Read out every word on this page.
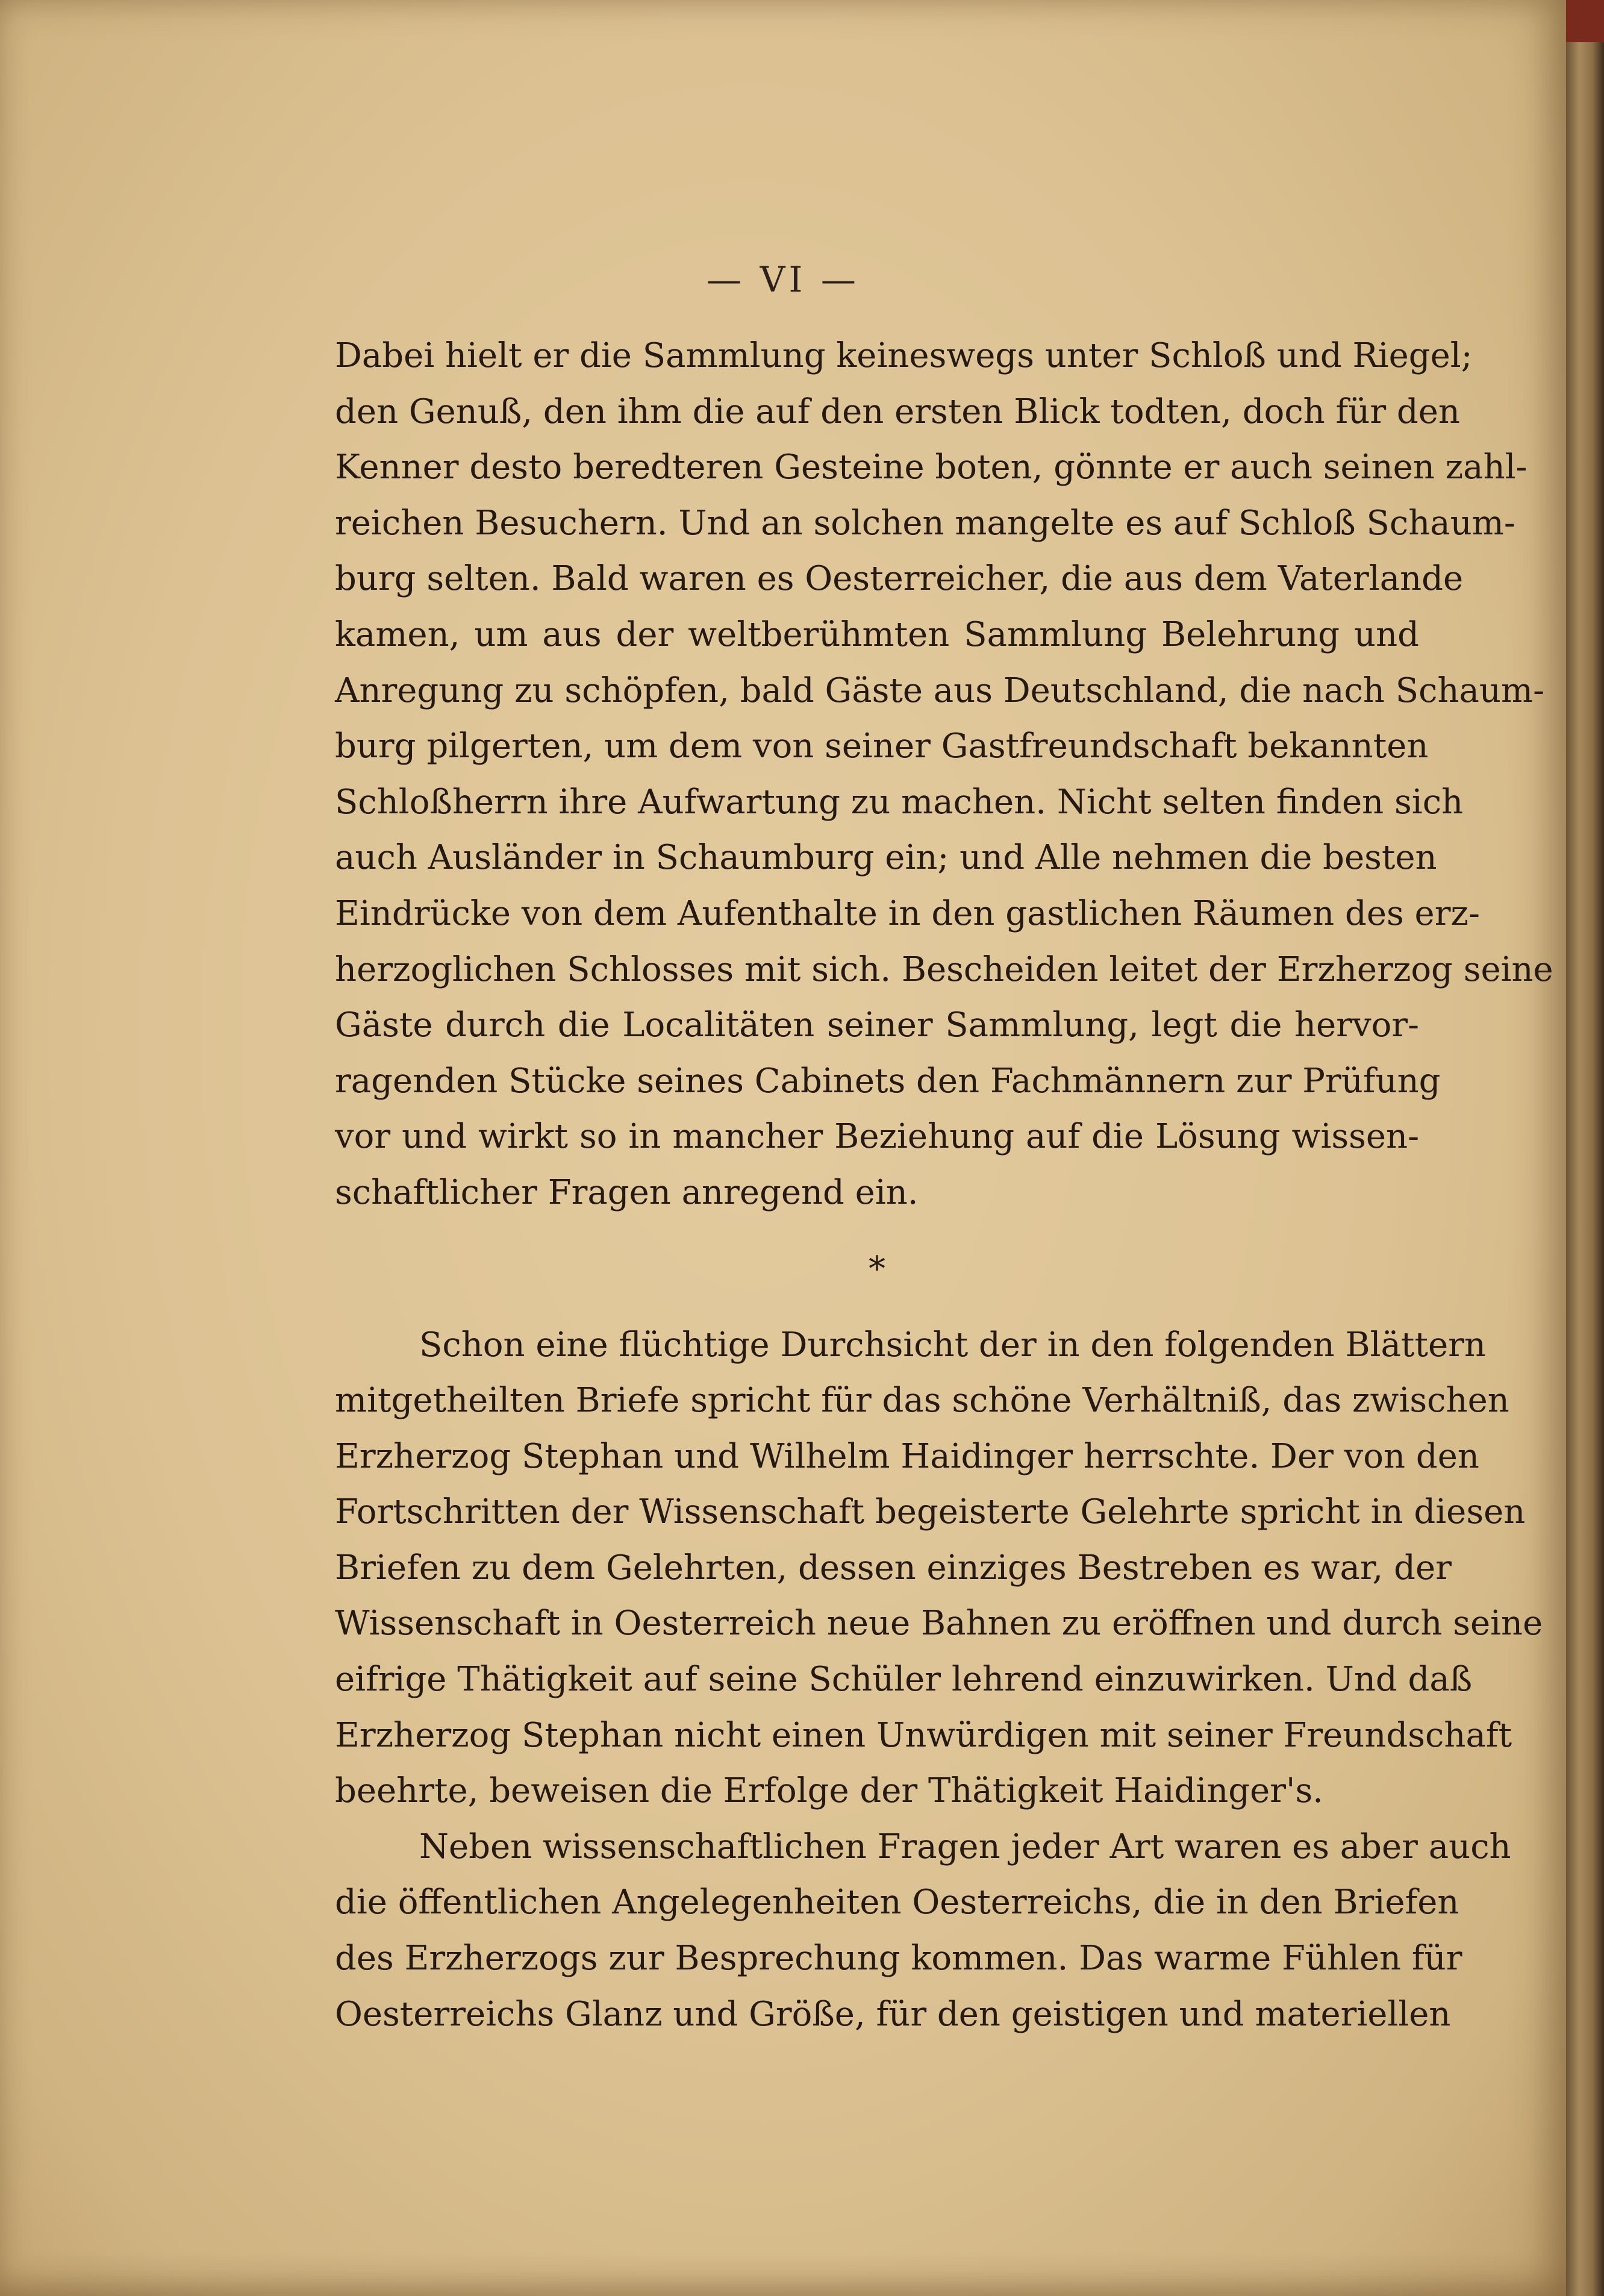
— VI —
Dabei hielt er die Sammlung keineswegs unter Schloß und Riegel;
den Genuß, den ihm die auf den ersten Blick todten, doch für den
Kenner desto beredteren Gesteine boten, gönnte er auch seinen zahl-
reichen Besuchern. Und an solchen mangelte es auf Schloß Schaum-
burg selten. Bald waren es Oesterreicher, die aus dem Vaterlande
kamen, um aus der weltberühmten Sammlung Belehrung und
Anregung zu schöpfen, bald Gäste aus Deutschland, die nach Schaum-
burg pilgerten, um dem von seiner Gastfreundschaft bekannten
Schloßherrn ihre Aufwartung zu machen. Nicht selten finden sich
auch Ausländer in Schaumburg ein; und Alle nehmen die besten
Eindrücke von dem Aufenthalte in den gastlichen Räumen des erz-
herzoglichen Schlosses mit sich. Bescheiden leitet der Erzherzog seine
Gäste durch die Localitäten seiner Sammlung, legt die hervor-
ragenden Stücke seines Cabinets den Fachmännern zur Prüfung
vor und wirkt so in mancher Beziehung auf die Lösung wissen-
schaftlicher Fragen anregend ein.
*
Schon eine flüchtige Durchsicht der in den folgenden Blättern
mitgetheilten Briefe spricht für das schöne Verhältniß, das zwischen
Erzherzog Stephan und Wilhelm Haidinger herrschte. Der von den
Fortschritten der Wissenschaft begeisterte Gelehrte spricht in diesen
Briefen zu dem Gelehrten, dessen einziges Bestreben es war, der
Wissenschaft in Oesterreich neue Bahnen zu eröffnen und durch seine
eifrige Thätigkeit auf seine Schüler lehrend einzuwirken. Und daß
Erzherzog Stephan nicht einen Unwürdigen mit seiner Freundschaft
beehrte, beweisen die Erfolge der Thätigkeit Haidinger's.
Neben wissenschaftlichen Fragen jeder Art waren es aber auch
die öffentlichen Angelegenheiten Oesterreichs, die in den Briefen
des Erzherzogs zur Besprechung kommen. Das warme Fühlen für
Oesterreichs Glanz und Größe, für den geistigen und materiellen
